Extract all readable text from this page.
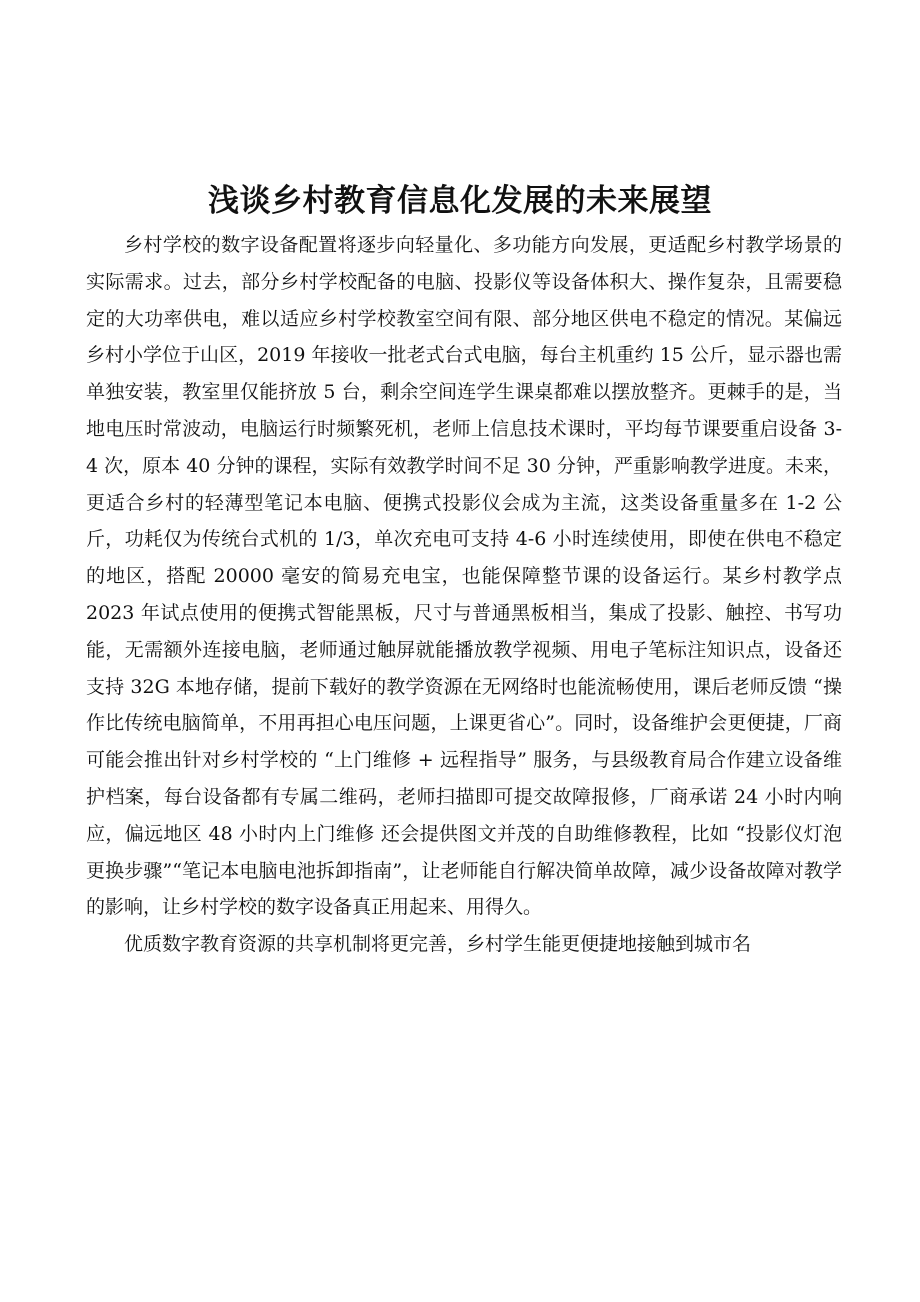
浅谈乡村教育信息化发展的未来展望

乡村学校的数字设备配置将逐步向轻量化、多功能方向发展，更适配乡村教学场景的实际需求。过去，部分乡村学校配备的电脑、投影仪等设备体积大、操作复杂，且需要稳定的大功率供电，难以适应乡村学校教室空间有限、部分地区供电不稳定的情况。某偏远乡村小学位于山区，2019 年接收一批老式台式电脑，每台主机重约 15 公斤，显示器也需单独安装，教室里仅能挤放 5 台，剩余空间连学生课桌都难以摆放整齐。更棘手的是，当地电压时常波动，电脑运行时频繁死机，老师上信息技术课时，平均每节课要重启设备 3-4 次，原本 40 分钟的课程，实际有效教学时间不足 30 分钟，严重影响教学进度。未来，更适合乡村的轻薄型笔记本电脑、便携式投影仪会成为主流，这类设备重量多在 1-2 公斤，功耗仅为传统台式机的 1/3，单次充电可支持 4-6 小时连续使用，即使在供电不稳定的地区，搭配 20000 毫安的简易充电宝，也能保障整节课的设备运行。某乡村教学点 2023 年试点使用的便携式智能黑板，尺寸与普通黑板相当，集成了投影、触控、书写功能，无需额外连接电脑，老师通过触屏就能播放教学视频、用电子笔标注知识点，设备还支持 32G 本地存储，提前下载好的教学资源在无网络时也能流畅使用，课后老师反馈 “操作比传统电脑简单，不用再担心电压问题，上课更省心”。同时，设备维护会更便捷，厂商可能会推出针对乡村学校的 “上门维修 + 远程指导” 服务，与县级教育局合作建立设备维护档案，每台设备都有专属二维码，老师扫描即可提交故障报修，厂商承诺 24 小时内响应，偏远地区 48 小时内上门维修 还会提供图文并茂的自助维修教程，比如 “投影仪灯泡更换步骤”“笔记本电脑电池拆卸指南”，让老师能自行解决简单故障，减少设备故障对教学的影响，让乡村学校的数字设备真正用起来、用得久。

优质数字教育资源的共享机制将更完善，乡村学生能更便捷地接触到城市名
